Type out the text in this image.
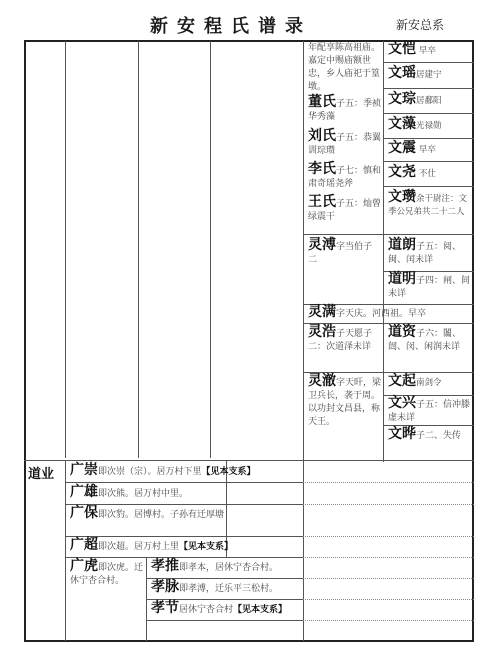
新安程氏谱录	新安总系
年配享陈高祖庙。嘉定中赐庙额世忠，乡人庙祀于篁墩。
董氏子五：季祯华秀藻
刘氏子五：恭翼训琮瓒
李氏子七：慎和肃奇瑶尧斧
王氏子五：灿曾绿震干
文恺 早卒
文瑶居建宁
文琮居鄱阳
文藻光禄勋
文震 早卒
文尧 不仕
文瓒余干尉注：文季公兄弟共二十二人
灵溥字当伯子二
灵满字天庆。河西祖。早卒
灵浩子天愿子二：次道泽未详
灵澈字天旰，梁卫兵长，袭于周。以功封文昌县，称天王。
道朗子五：阅、闽、闰未详
道明子四：闸、间未详
道资子六：闟、闿、闵、闲润未详
文起南剑令
文兴子五：信冲滕虚未详
文晔子二、失传
道业 广崇即次崇（宗）。居万村下里【见本支系】
广雄即次熊。居万村中里。
广保即次豹。居博村。子孙有迁厚塘
广超即次超。居万村上里【见本支系】
广虎即次虎。迁休宁杏合村。
孝推即孝本，居休宁杏合村。
孝脉即孝溥，迁乐平三松村。
孝节居休宁杏合村【见本支系】
